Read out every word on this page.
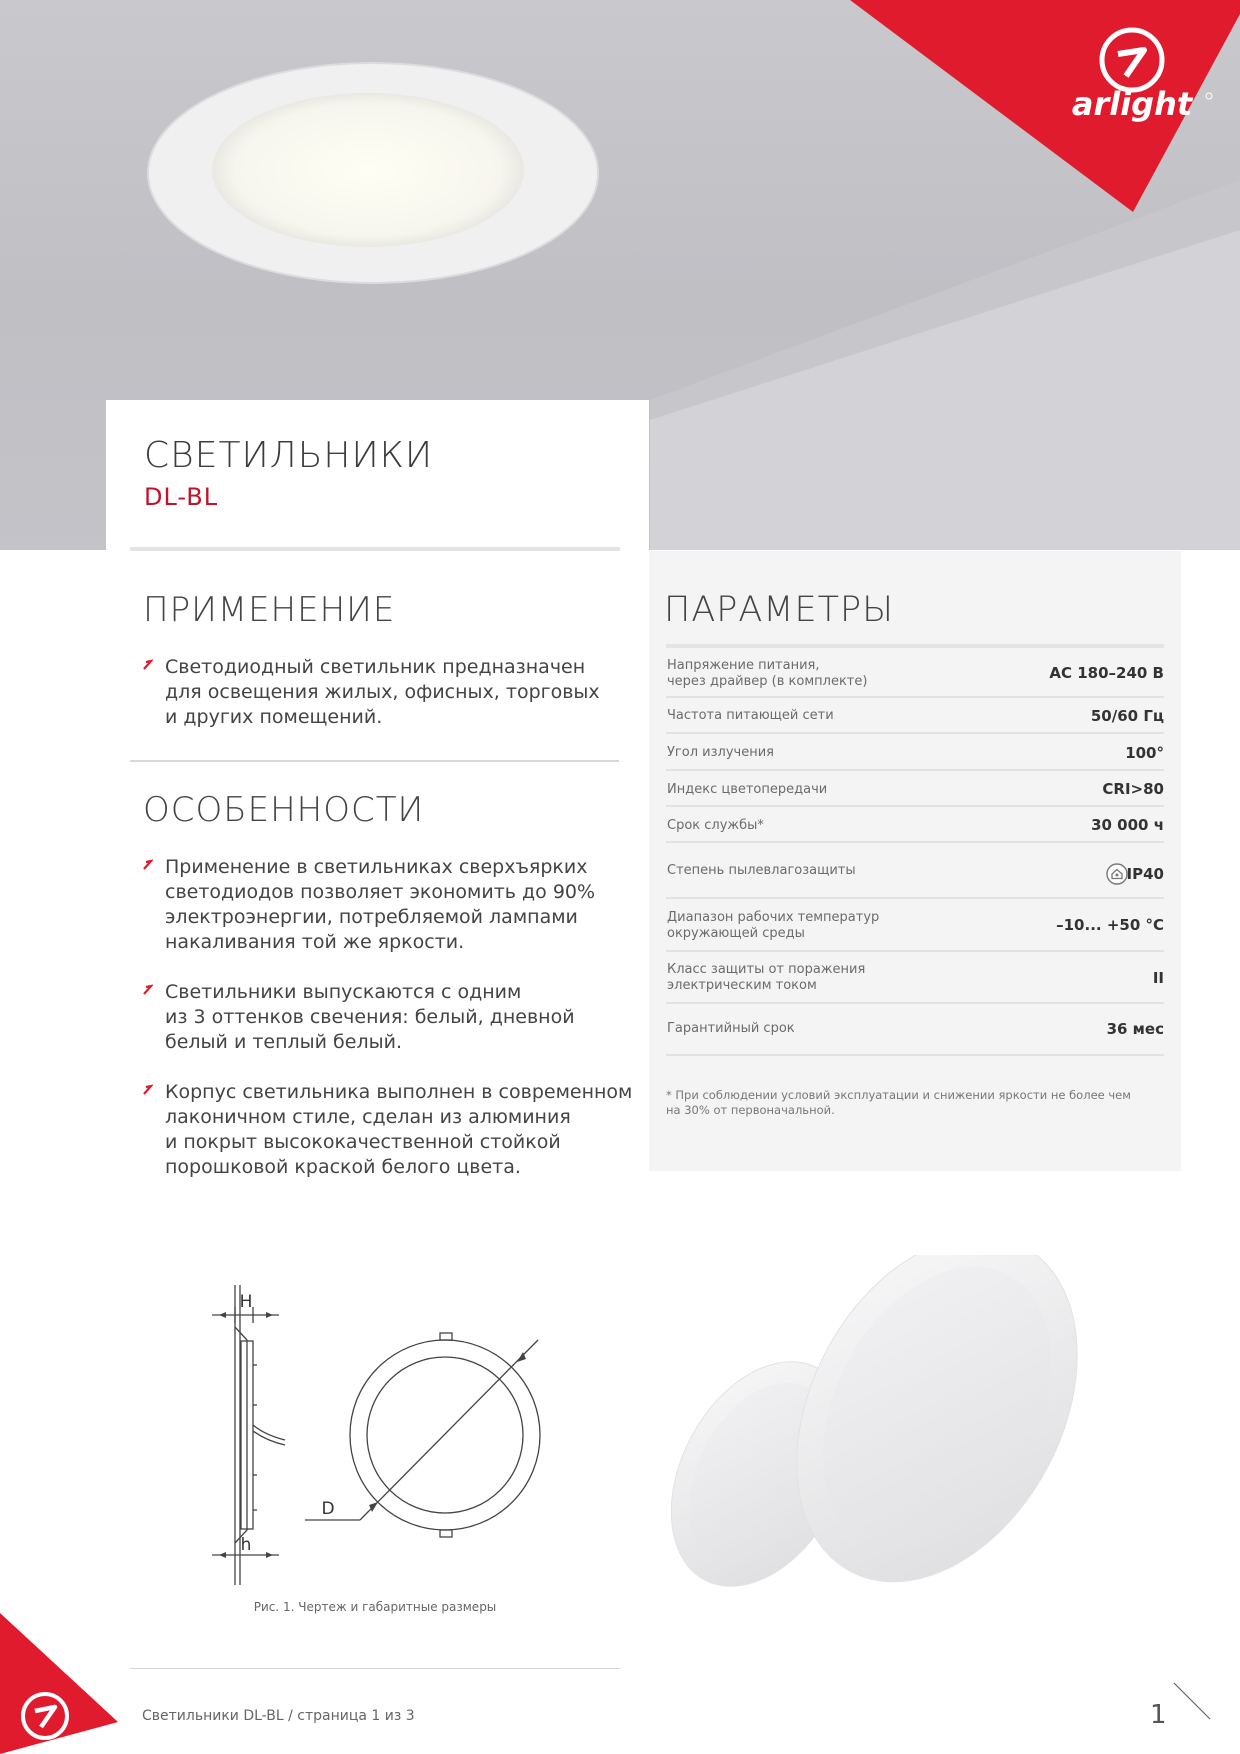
arlight
СВЕТИЛЬНИКИ
DL-BL
ПРИМЕНЕНИЕ
Светодиодный светильник предназначен
для освещения жилых, офисных, торговых
и других помещений.
ОСОБЕННОСТИ
Применение в светильниках сверхъярких
светодиодов позволяет экономить до 90%
электроэнергии, потребляемой лампами
накаливания той же яркости.
Светильники выпускаются с одним
из 3 оттенков свечения: белый, дневной
белый и теплый белый.
Корпус светильника выполнен в современном
лаконичном стиле, сделан из алюминия
и покрыт высококачественной стойкой
порошковой краской белого цвета.
ПАРАМЕТРЫ
Напряжение питания,
через драйвер (в комплекте)	AC 180–240 В
Частота питающей сети	50/60 Гц
Угол излучения	100°
Индекс цветопередачи	CRI>80
Срок службы*	30 000 ч
Степень пылевлагозащиты	IP40
Диапазон рабочих температур
окружающей среды	–10... +50 °С
Класс защиты от поражения
электрическим током	II
Гарантийный срок	36 мес
* При соблюдении условий эксплуатации и снижении яркости не более чем
на 30% от первоначальной.
H
h
D
Рис. 1. Чертеж и габаритные размеры
Светильники DL-BL / страница 1 из 3	1
